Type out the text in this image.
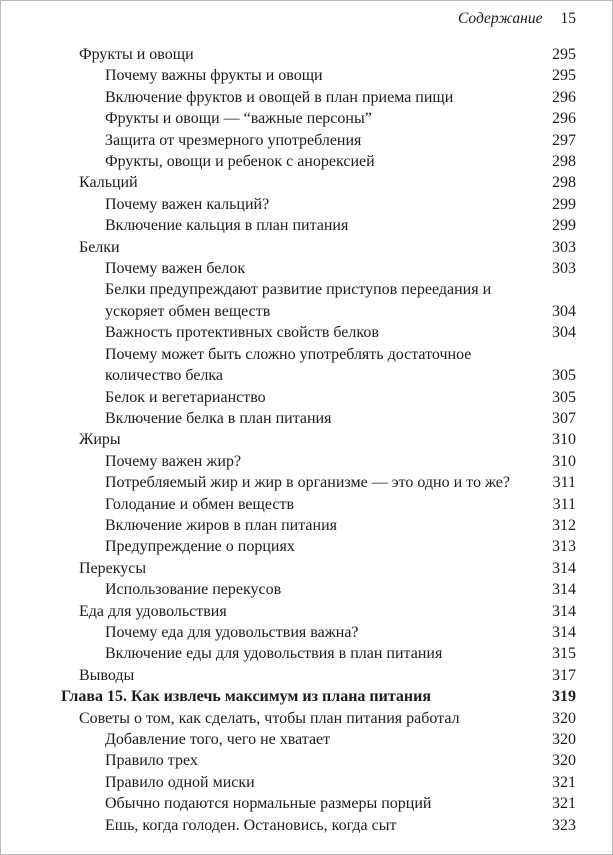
Содержание 15
Фрукты и овощи	295
Почему важны фрукты и овощи	295
Включение фруктов и овощей в план приема пищи	296
Фрукты и овощи — “важные персоны”	296
Защита от чрезмерного употребления	297
Фрукты, овощи и ребенок с анорексией	298
Кальций	298
Почему важен кальций?	299
Включение кальция в план питания	299
Белки	303
Почему важен белок	303
Белки предупреждают развитие приступов переедания и ускоряет обмен веществ	304
Важность протективных свойств белков	304
Почему может быть сложно употреблять достаточное количество белка	305
Белок и вегетарианство	305
Включение белка в план питания	307
Жиры	310
Почему важен жир?	310
Потребляемый жир и жир в организме — это одно и то же?	311
Голодание и обмен веществ	311
Включение жиров в план питания	312
Предупреждение о порциях	313
Перекусы	314
Использование перекусов	314
Еда для удовольствия	314
Почему еда для удовольствия важна?	314
Включение еды для удовольствия в план питания	315
Выводы	317
Глава 15. Как извлечь максимум из плана питания	319
Советы о том, как сделать, чтобы план питания работал	320
Добавление того, чего не хватает	320
Правило трех	320
Правило одной миски	321
Обычно подаются нормальные размеры порций	321
Ешь, когда голоден. Остановись, когда сыт	323
